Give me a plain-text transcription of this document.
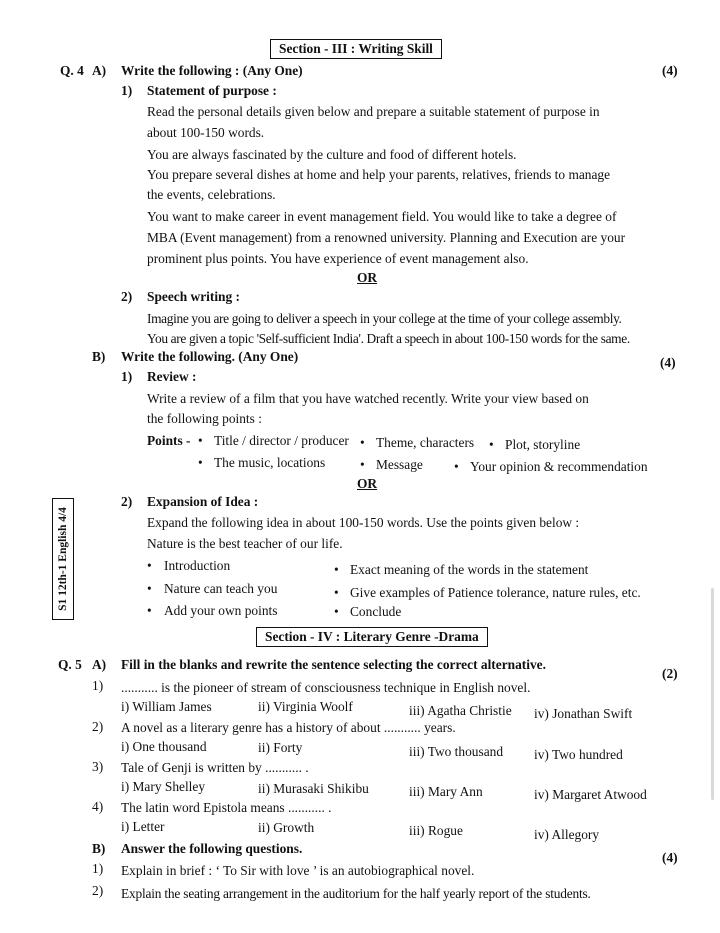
Section - III : Writing Skill
Q. 4 A) Write the following : (Any One)	(4)
1) Statement of purpose :
Read the personal details given below and prepare a suitable statement of purpose in
about 100-150 words.
You are always fascinated by the culture and food of different hotels.
You prepare several dishes at home and help your parents, relatives, friends to manage
the events, celebrations.
You want to make career in event management field. You would like to take a degree of
MBA (Event management) from a renowned university. Planning and Execution are your
prominent plus points. You have experience of event management also.
OR
2) Speech writing :
Imagine you are going to deliver a speech in your college at the time of your college assembly.
You are given a topic 'Self-sufficient India'. Draft a speech in about 100-150 words for the same.
B) Write the following. (Any One)	(4)
1) Review :
Write a review of a film that you have watched recently. Write your view based on
the following points :
Points - • Title / director / producer • Theme, characters • Plot, storyline
• The music, locations	• Message • Your opinion & recommendation
OR
2) Expansion of Idea :
Expand the following idea in about 100-150 words. Use the points given below :
Nature is the best teacher of our life.
• Introduction	• Exact meaning of the words in the statement
• Nature can teach you	• Give examples of Patience tolerance, nature rules, etc.
• Add your own points	• Conclude
S1 12th-1 English 4/4
Section - IV : Literary Genre -Drama
Q. 5 A) Fill in the blanks and rewrite the sentence selecting the correct alternative.
(2)
1) ........... is the pioneer of stream of consciousness technique in English novel.
i) William James	ii) Virginia Woolf	iii) Agatha Christie iv) Jonathan Swift
2) A novel as a literary genre has a history of about ........... years.
i) One thousand	ii) Forty	iii) Two thousand iv) Two hundred
3) Tale of Genji is written by ........... .
i) Mary Shelley	ii) Murasaki Shikibu	iii) Mary Ann	iv) Margaret Atwood
4) The latin word Epistola means ........... .
i) Letter	ii) Growth	iii) Rogue	iv) Allegory
B) Answer the following questions.
(4)
1) Explain in brief : ‘ To Sir with love ’ is an autobiographical novel.
2) Explain the seating arrangement in the auditorium for the half yearly report of the students.
